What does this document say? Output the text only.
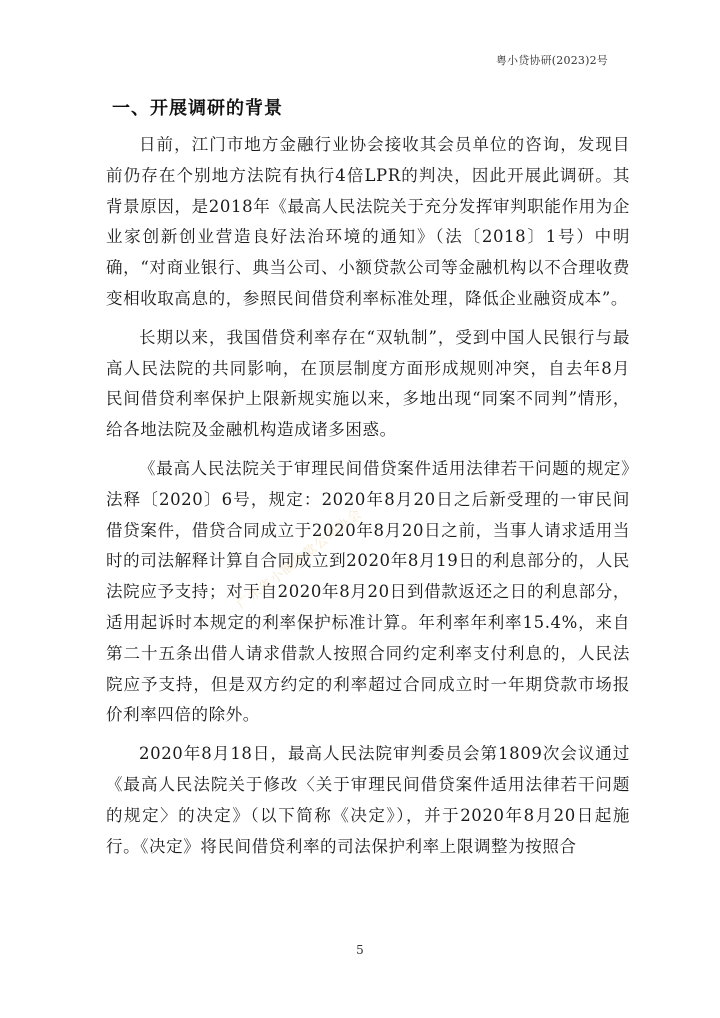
粤小贷协研(2023)2号
一、开展调研的背景

日前，江门市地方金融行业协会接收其会员单位的咨询，发现目前仍存在个别地方法院有执行4倍LPR的判决，因此开展此调研。其背景原因，是2018年《最高人民法院关于充分发挥审判职能作用为企业家创新创业营造良好法治环境的通知》（法〔2018〕1号）中明确，“对商业银行、典当公司、小额贷款公司等金融机构以不合理收费变相收取高息的，参照民间借贷利率标准处理，降低企业融资成本”。

长期以来，我国借贷利率存在“双轨制”，受到中国人民银行与最高人民法院的共同影响，在顶层制度方面形成规则冲突，自去年8月民间借贷利率保护上限新规实施以来，多地出现“同案不同判”情形，给各地法院及金融机构造成诸多困惑。

《最高人民法院关于审理民间借贷案件适用法律若干问题的规定》法释〔2020〕6号，规定：2020年8月20日之后新受理的一审民间借贷案件，借贷合同成立于2020年8月20日之前，当事人请求适用当时的司法解释计算自合同成立到2020年8月19日的利息部分的，人民法院应予支持；对于自2020年8月20日到借款返还之日的利息部分，适用起诉时本规定的利率保护标准计算。年利率年利率15.4%，来自第二十五条出借人请求借款人按照合同约定利率支付利息的，人民法院应予支持，但是双方约定的利率超过合同成立时一年期贷款市场报价利率四倍的除外。

2020年8月18日，最高人民法院审判委员会第1809次会议通过《最高人民法院关于修改〈关于审理民间借贷案件适用法律若干问题的规定〉的决定》（以下简称《决定》），并于2020年8月20日起施行。《决定》将民间借贷利率的司法保护利率上限调整为按照合

广东省小额贷款公司协会
5
